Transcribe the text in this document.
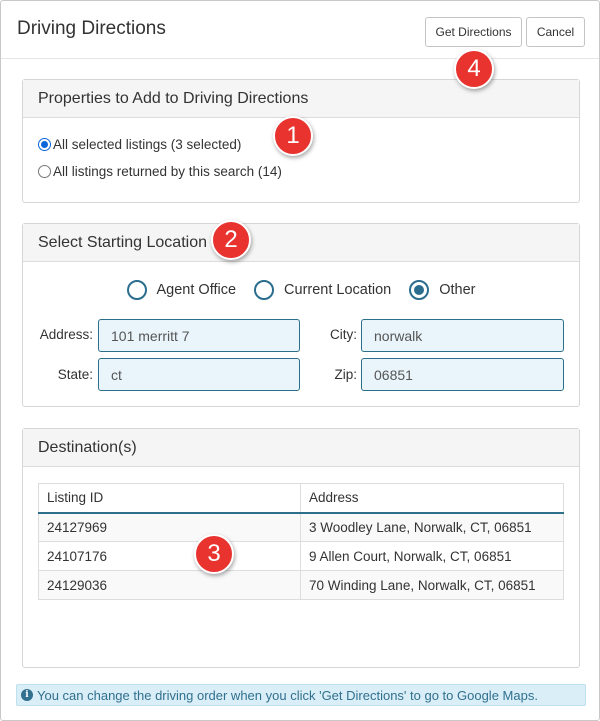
Driving Directions	Get Directions	Cancel
Properties to Add to Driving Directions
All selected listings (3 selected)
All listings returned by this search (14)
Select Starting Location
Agent Office	Current Location	Other
Address:
101 merritt 7	City:
norwalk
State:
ct	Zip:
06851
Destination(s)
Listing ID	Address
24127969	3 Woodley Lane, Norwalk, CT, 06851
24107176	9 Allen Court, Norwalk, CT, 06851
24129036	70 Winding Lane, Norwalk, CT, 06851
i You can change the driving order when you click 'Get Directions' to go to Google Maps.
1
2
3
4
